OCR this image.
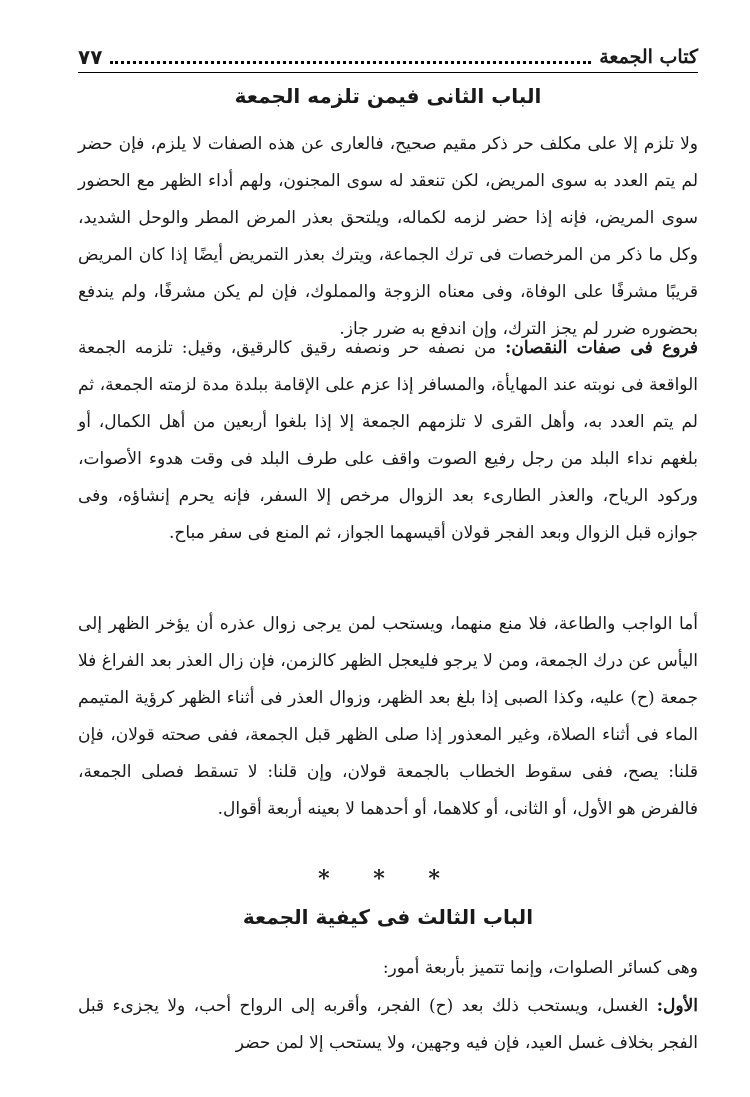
كتاب الجمعة
٧٧
الباب الثانى فيمن تلزمه الجمعة
ولا تلزم إلا على مكلف حر ذكر مقيم صحيح، فالعارى عن هذه الصفات لا يلزم، فإن حضر لم يتم العدد به سوى المريض، لكن تنعقد له سوى المجنون، ولهم أداء الظهر مع الحضور سوى المريض، فإنه إذا حضر لزمه لكماله، ويلتحق بعذر المرض المطر والوحل الشديد، وكل ما ذكر من المرخصات فى ترك الجماعة، ويترك بعذر التمريض أيضًا إذا كان المريض قريبًا مشرفًا على الوفاة، وفى معناه الزوجة والمملوك، فإن لم يكن مشرفًا، ولم يندفع بحضوره ضرر لم يجز الترك، وإن اندفع به ضرر جاز.
فروع فى صفات النقصان: من نصفه حر ونصفه رقيق كالرقيق، وقيل: تلزمه الجمعة الواقعة فى نوبته عند المهايأة، والمسافر إذا عزم على الإقامة ببلدة مدة لزمته الجمعة، ثم لم يتم العدد به، وأهل القرى لا تلزمهم الجمعة إلا إذا بلغوا أربعين من أهل الكمال، أو بلغهم نداء البلد من رجل رفيع الصوت واقف على طرف البلد فى وقت هدوء الأصوات، وركود الرياح، والعذر الطارىء بعد الزوال مرخص إلا السفر، فإنه يحرم إنشاؤه، وفى جوازه قبل الزوال وبعد الفجر قولان أقيسهما الجواز، ثم المنع فى سفر مباح.
أما الواجب والطاعة، فلا منع منهما، ويستحب لمن يرجى زوال عذره أن يؤخر الظهر إلى اليأس عن درك الجمعة، ومن لا يرجو فليعجل الظهر كالزمن، فإن زال العذر بعد الفراغ فلا جمعة (ح) عليه، وكذا الصبى إذا بلغ بعد الظهر، وزوال العذر فى أثناء الظهر كرؤية المتيمم الماء فى أثناء الصلاة، وغير المعذور إذا صلى الظهر قبل الجمعة، ففى صحته قولان، فإن قلنا: يصح، ففى سقوط الخطاب بالجمعة قولان، وإن قلنا: لا تسقط فصلى الجمعة، فالفرض هو الأول، أو الثانى، أو كلاهما، أو أحدهما لا بعينه أربعة أقوال.
* * *
الباب الثالث فى كيفية الجمعة
وهى كسائر الصلوات، وإنما تتميز بأربعة أمور:
الأول: الغسل، ويستحب ذلك بعد (ح) الفجر، وأقربه إلى الرواح أحب، ولا يجزىء قبل الفجر بخلاف غسل العيد، فإن فيه وجهين، ولا يستحب إلا لمن حضر
